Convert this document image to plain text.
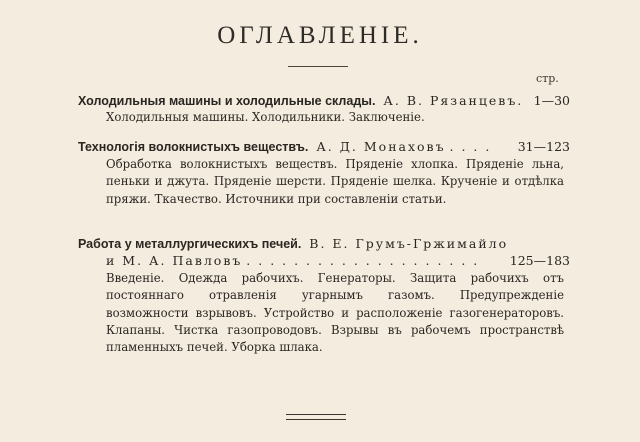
ОГЛАВЛЕНІЕ.
стр.
Холодильныя машины и холодильные склады. А. В. Рязанцевъ. 1—30
Холодильныя машины. Холодильники. Заключеніе.
Технологія волокнистыхъ веществъ. А. Д. Монаховъ . . . . 31—123
Обработка волокнистыхъ веществъ. Пряденіе хлопка. Пряденіе льна, пеньки и джута. Пряденіе шерсти. Пряденіе шелка. Крученіе и отдѣлка пряжи. Ткачество. Источники при составленіи статьи.
Работа у металлургическихъ печей. В. Е. Грумъ-Гржимайло
и М. А. Павловъ . . . . . . . . . . . . . . . . . . . . 125—183
Введеніе. Одежда рабочихъ. Генераторы. Защита рабочихъ отъ постояннаго отравленія угарнымъ газомъ. Предупрежденіе возможности взрывовъ. Устройство и расположеніе газогенераторовъ. Клапаны. Чистка газопроводовъ. Взрывы въ рабочемъ пространствѣ пламенныхъ печей. Уборка шлака.
